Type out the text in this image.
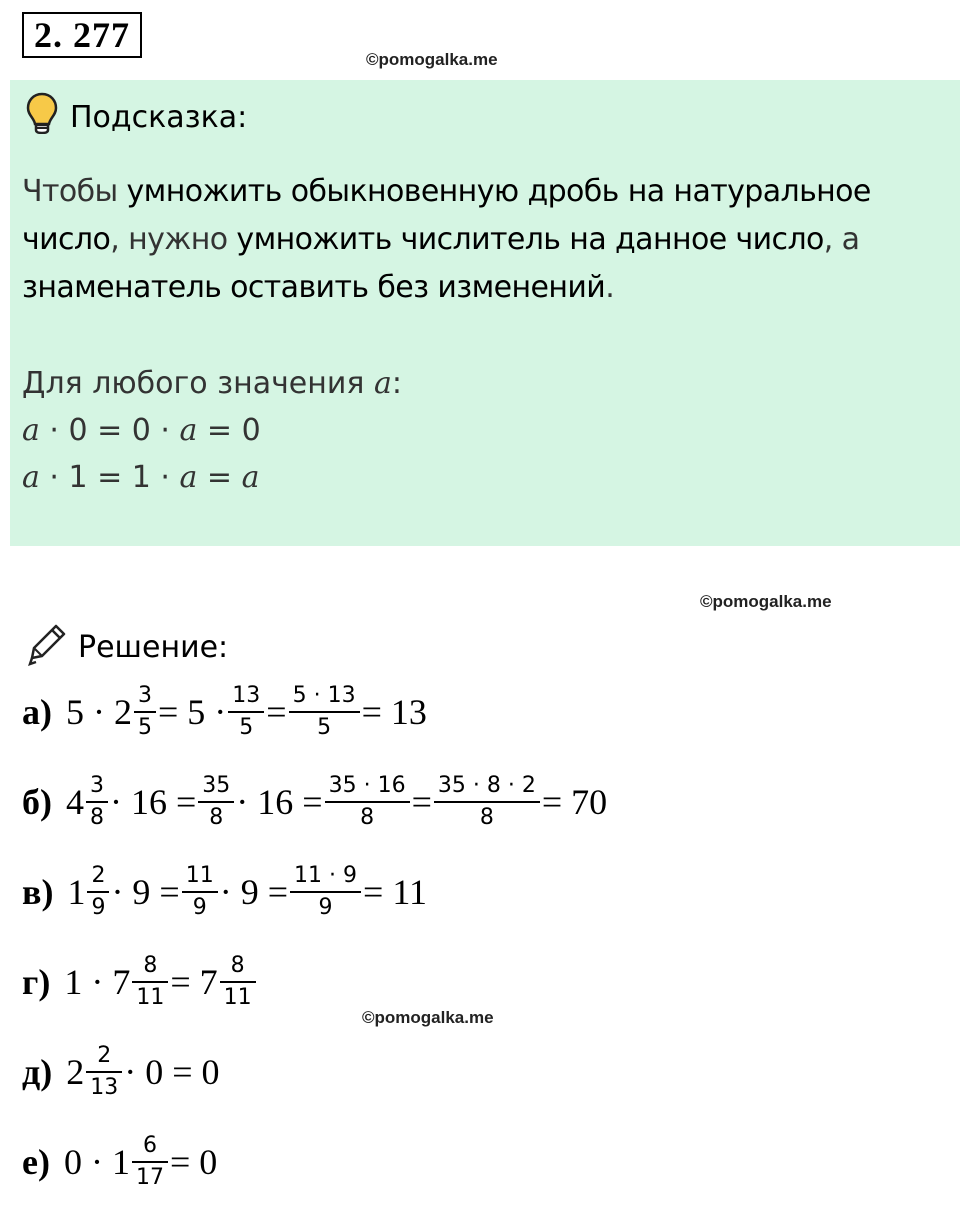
2. 277
©pomogalka.me
Подсказка:
Чтобы умножить обыкновенную дробь на натуральное число, нужно умножить числитель на данное число, а знаменатель оставить без изменений.
Для любого значения a:
a · 0 = 0 · a = 0
a · 1 = 1 · a = a
©pomogalka.me
Решение:
а) $5 \cdot 2 \frac{3}{5} = 5 \cdot \frac{13}{5} = \frac{5 \cdot 13}{5} = 13$
б) $4 \frac{3}{8} \cdot 16 = \frac{35}{8} \cdot 16 = \frac{35 \cdot 16}{8} = \frac{35 \cdot 8 \cdot 2}{8} = 70$
в) $1 \frac{2}{9} \cdot 9 = \frac{11}{9} \cdot 9 = \frac{11 \cdot 9}{9} = 11$
г) $1 \cdot 7 \frac{8}{11} = 7 \frac{8}{11}$
©pomogalka.me
д) $2 \frac{2}{13} \cdot 0 = 0$
е) $0 \cdot 1 \frac{6}{17} = 0$
